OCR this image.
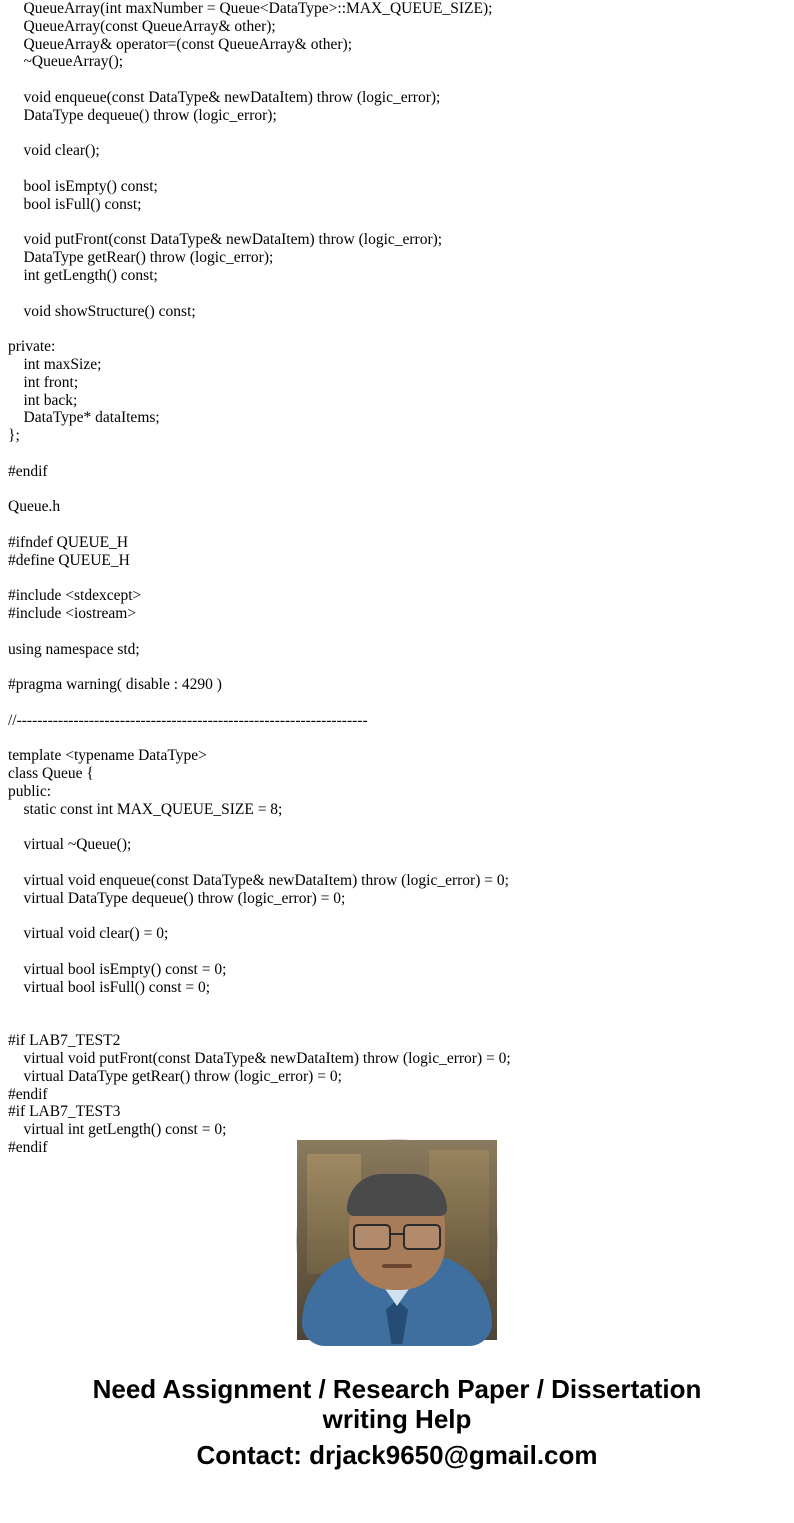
QueueArray(int maxNumber = Queue<DataType>::MAX_QUEUE_SIZE);
QueueArray(const QueueArray& other);
QueueArray& operator=(const QueueArray& other);
~QueueArray();
void enqueue(const DataType& newDataItem) throw (logic_error);
DataType dequeue() throw (logic_error);
void clear();
bool isEmpty() const;
bool isFull() const;
void putFront(const DataType& newDataItem) throw (logic_error);
DataType getRear() throw (logic_error);
int getLength() const;
void showStructure() const;
private:
int maxSize;
int front;
int back;
DataType* dataItems;
};
#endif
Queue.h
#ifndef QUEUE_H
#define QUEUE_H
#include <stdexcept>
#include <iostream>
using namespace std;
#pragma warning( disable : 4290 )
//--------------------------------------------------------------------
template <typename DataType>
class Queue {
public:
static const int MAX_QUEUE_SIZE = 8;
virtual ~Queue();
virtual void enqueue(const DataType& newDataItem) throw (logic_error) = 0;
virtual DataType dequeue() throw (logic_error) = 0;
virtual void clear() = 0;
virtual bool isEmpty() const = 0;
virtual bool isFull() const = 0;
#if LAB7_TEST2
virtual void putFront(const DataType& newDataItem) throw (logic_error) = 0;
virtual DataType getRear() throw (logic_error) = 0;
#endif
#if LAB7_TEST3
virtual int getLength() const = 0;
#endif
Need Assignment / Research Paper / Dissertation
writing Help
Contact: drjack9650@gmail.com
